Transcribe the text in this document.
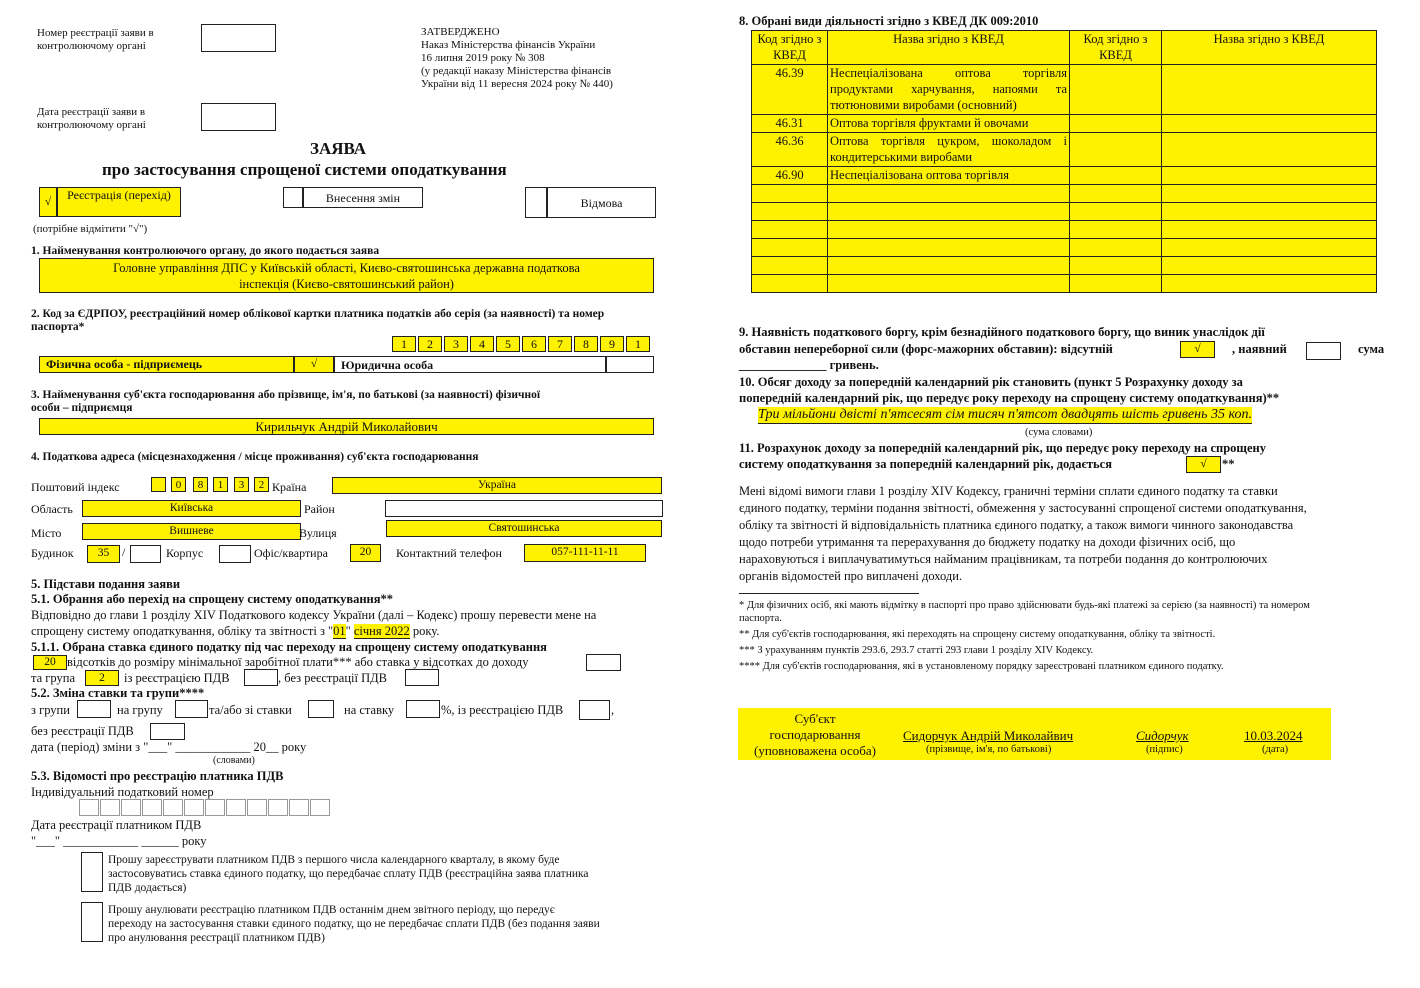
Номер реєстрації заяви в контролюючому органі
Дата реєстрації заяви в контролюючому органі
ЗАТВЕРДЖЕНО
Наказ Міністерства фінансів України
16 липня 2019 року № 308
(у редакції наказу Міністерства фінансів
України від 11 вересня 2024 року № 440)
ЗАЯВА
про застосування спрощеної системи оподаткування
√	Реєстрація (перехід)	Внесення змін	Відмова
(потрібне відмітити "√")
1. Найменування контролюючого органу, до якого подається заява
Головне управління ДПС у Київській області, Києво-святошинська державна податкова
інспекція (Києво-святошинський район)
2. Код за ЄДРПОУ, реєстраційний номер облікової картки платника податків або серія (за наявності) та номер
паспорта*
1	2	3	4	5	6	7	8	9	1
Фізична особа - підприємець	√	Юридична особа
3. Найменування суб'єкта господарювання або прізвище, ім'я, по батькові (за наявності) фізичної
особи – підприємця
Кирильчук Андрій Миколайович
4. Податкова адреса (місцезнаходження / місце проживання) суб'єкта господарювання
Поштовий індекс	0	8	1	3	2 Країна	Україна
Область	Київська	Район
Місто	Вишневе	Вулиця	Святошинська
Будинок	35	/	Корпус	Офіс/квартира	20	Контактний телефон	057-111-11-11
5. Підстави подання заяви
5.1. Обрання або перехід на спрощену систему оподаткування**
Відповідно до глави 1 розділу XIV Податкового кодексу України (далі – Кодекс) прошу перевести мене на
спрощену систему оподаткування, обліку та звітності з "01" січня 2022 року.
5.1.1. Обрана ставка єдиного податку під час переходу на спрощену систему оподаткування
20 відсотків до розміру мінімальної заробітної плати*** або ставка у відсотках до доходу
та група	2	із реєстрацією ПДВ	, без реєстрації ПДВ
5.2. Зміна ставки та групи****
з групи	на групу	та/або зі ставки	на ставку	%, із реєстрацією ПДВ	,
без реєстрації ПДВ
дата (період) зміни з "___" ____________ 20__ року
(словами)
5.3. Відомості про реєстрацію платника ПДВ
Індивідуальний податковий номер
Дата реєстрації платником ПДВ
"___" ____________ ______ року
Прошу зареєструвати платником ПДВ з першого числа календарного кварталу, в якому буде
застосовуватись ставка єдиного податку, що передбачає сплату ПДВ (реєстраційна заява платника
ПДВ додається)
Прошу анулювати реєстрацію платником ПДВ останнім днем звітного періоду, що передує
переходу на застосування ставки єдиного податку, що не передбачає сплати ПДВ (без подання заяви
про анулювання реєстрації платником ПДВ)
8. Обрані види діяльності згідно з КВЕД ДК 009:2010
Код згідно з КВЕД	Назва згідно з КВЕД	Код згідно з КВЕД	Назва згідно з КВЕД
46.39	Неспеціалізована оптова торгівля продуктами харчування, напоями та тютюновими виробами (основний)		
46.31	Оптова торгівля фруктами й овочами		
46.36	Оптова торгівля цукром, шоколадом і кондитерськими виробами		
46.90	Неспеціалізована оптова торгівля		

9. Наявність податкового боргу, крім безнадійного податкового боргу, що виник унаслідок дії
обставин непереборної сили (форс-мажорних обставин): відсутній	√	, наявний	сума
______________ гривень.
10. Обсяг доходу за попередній календарний рік становить (пункт 5 Розрахунку доходу за
попередній календарний рік, що передує року переходу на спрощену систему оподаткування)**
Три мільйони двісті п'ятсесят сім тисяч п'ятсот двадцять шість гривень 35 коп.
(сума словами)
11. Розрахунок доходу за попередній календарний рік, що передує року переходу на спрощену
систему оподаткування за попередній календарний рік, додається	√	**
Мені відомі вимоги глави 1 розділу XIV Кодексу, граничні терміни сплати єдиного податку та ставки
єдиного податку, терміни подання звітності, обмеження у застосуванні спрощеної системи оподаткування,
обліку та звітності й відповідальність платника єдиного податку, а також вимоги чинного законодавства
щодо потреби утримання та перерахування до бюджету податку на доходи фізичних осіб, що
нараховуються і виплачуватимуться найманим працівникам, та потреби подання до контролюючих
органів відомостей про виплачені доходи.
* Для фізичних осіб, які мають відмітку в паспорті про право здійснювати будь-які платежі за серією (за наявності) та номером
паспорта.
** Для суб'єктів господарювання, які переходять на спрощену систему оподаткування, обліку та звітності.
*** З урахуванням пунктів 293.6, 293.7 статті 293 глави 1 розділу XIV Кодексу.
**** Для суб'єктів господарювання, які в установленому порядку зареєстровані платником єдиного податку.
Суб'єкт
господарювання
(уповноважена особа)
Сидорчук Андрій Миколайвич
(прізвище, ім'я, по батькові)
Сидорчук
(підпис)
10.03.2024
(дата)
